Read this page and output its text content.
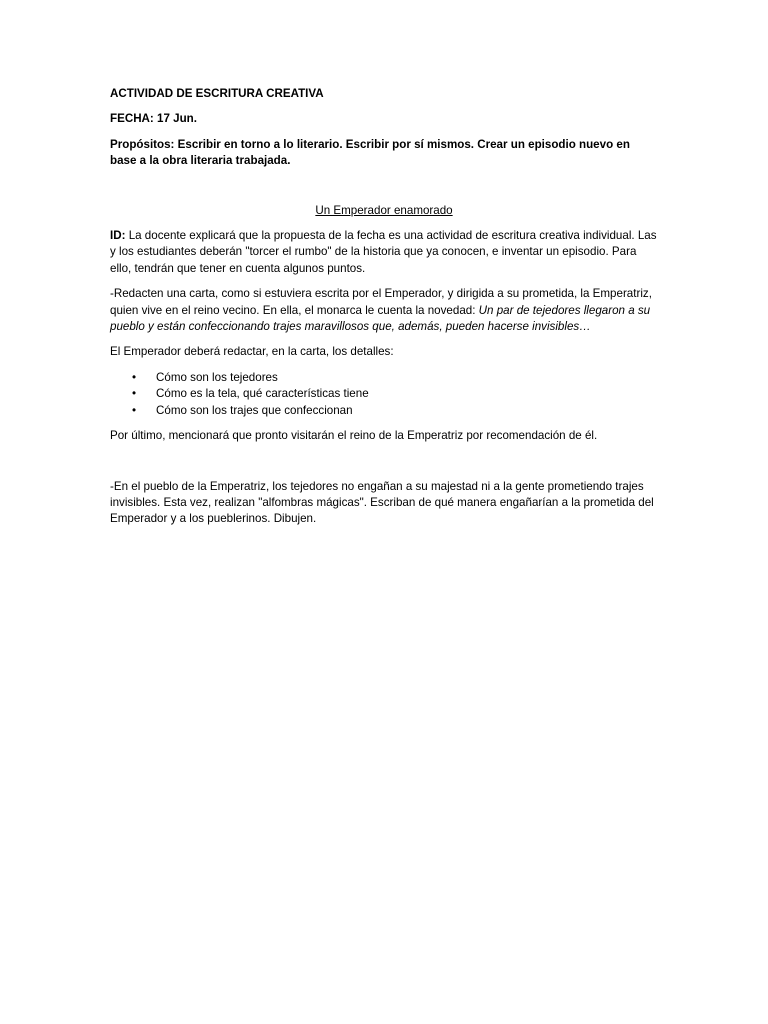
ACTIVIDAD DE ESCRITURA CREATIVA

FECHA: 17 Jun.

Propósitos: Escribir en torno a lo literario. Escribir por sí mismos. Crear un episodio nuevo en base a la obra literaria trabajada.

Un Emperador enamorado

ID: La docente explicará que la propuesta de la fecha es una actividad de escritura creativa individual. Las y los estudiantes deberán "torcer el rumbo" de la historia que ya conocen, e inventar un episodio. Para ello, tendrán que tener en cuenta algunos puntos.

-Redacten una carta, como si estuviera escrita por el Emperador, y dirigida a su prometida, la Emperatriz, quien vive en el reino vecino. En ella, el monarca le cuenta la novedad: Un par de tejedores llegaron a su pueblo y están confeccionando trajes maravillosos que, además, pueden hacerse invisibles…

El Emperador deberá redactar, en la carta, los detalles:

• Cómo son los tejedores
• Cómo es la tela, qué características tiene
• Cómo son los trajes que confeccionan

Por último, mencionará que pronto visitarán el reino de la Emperatriz por recomendación de él.

-En el pueblo de la Emperatriz, los tejedores no engañan a su majestad ni a la gente prometiendo trajes invisibles. Esta vez, realizan "alfombras mágicas". Escriban de qué manera engañarían a la prometida del Emperador y a los pueblerinos. Dibujen.
